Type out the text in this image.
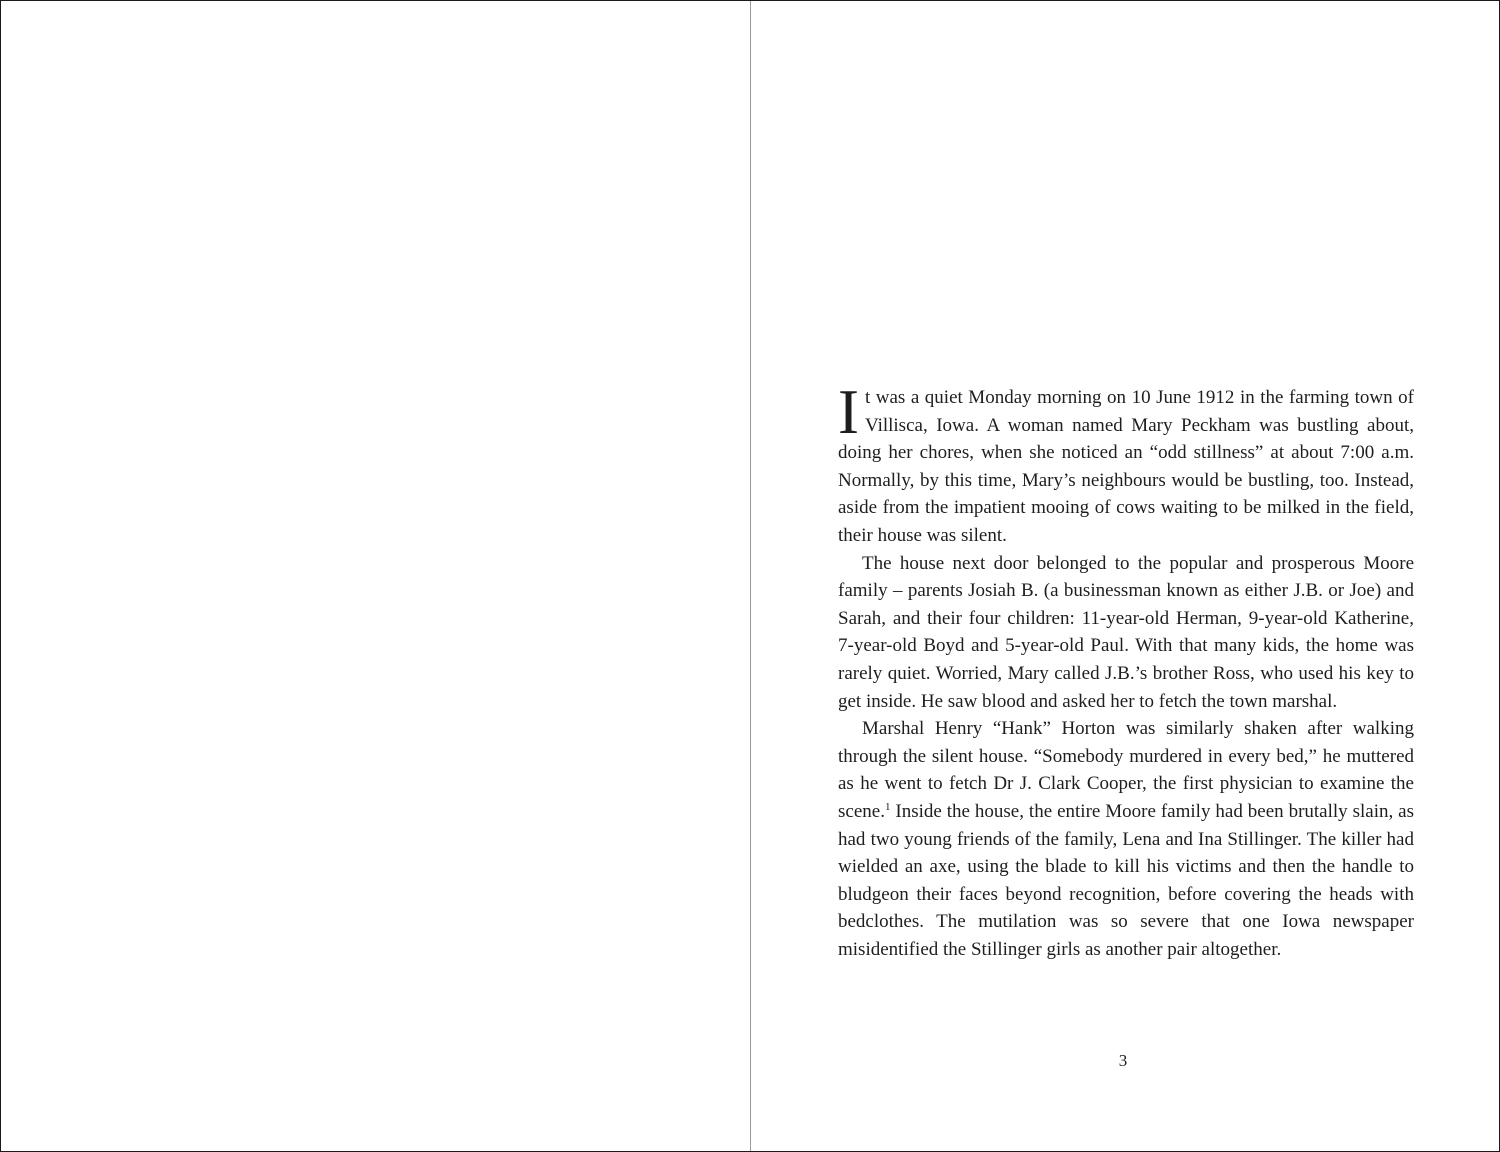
It was a quiet Monday morning on 10 June 1912 in the farming town of Villisca, Iowa. A woman named Mary Peckham was bustling about, doing her chores, when she noticed an “odd stillness” at about 7:00 a.m. Normally, by this time, Mary’s neighbours would be bustling, too. Instead, aside from the impatient mooing of cows waiting to be milked in the field, their house was silent.

The house next door belonged to the popular and prosperous Moore family – parents Josiah B. (a businessman known as either J.B. or Joe) and Sarah, and their four children: 11-year-old Herman, 9-year-old Katherine, 7-year-old Boyd and 5-year-old Paul. With that many kids, the home was rarely quiet. Worried, Mary called J.B.’s brother Ross, who used his key to get inside. He saw blood and asked her to fetch the town marshal.

Marshal Henry “Hank” Horton was similarly shaken after walking through the silent house. “Somebody murdered in every bed,” he muttered as he went to fetch Dr J. Clark Cooper, the first physician to examine the scene.$^1$ Inside the house, the entire Moore family had been brutally slain, as had two young friends of the family, Lena and Ina Stillinger. The killer had wielded an axe, using the blade to kill his victims and then the handle to bludgeon their faces beyond recognition, before covering the heads with bedclothes. The mutilation was so severe that one Iowa newspaper misidentified the Stillinger girls as another pair altogether.

3
